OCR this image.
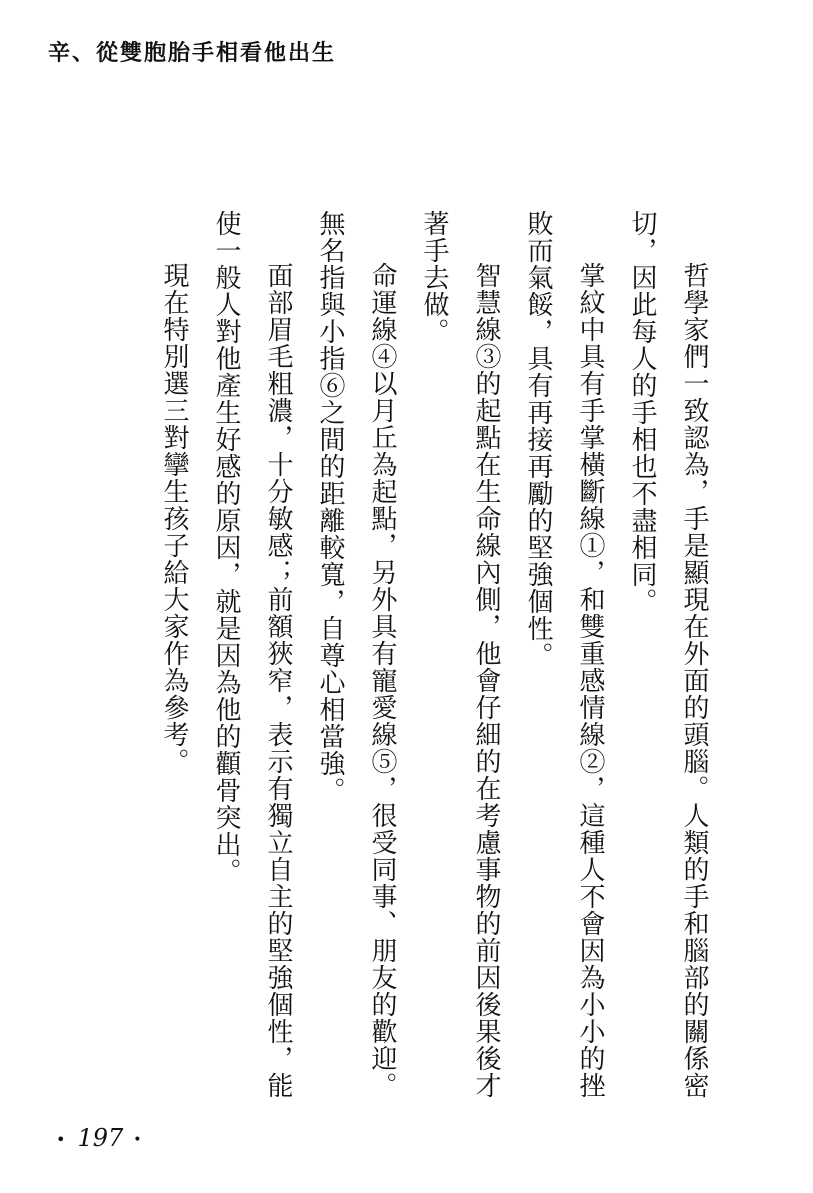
辛、從雙胞胎手相看他出生

哲學家們一致認為，手是顯現在外面的頭腦。人類的手和腦部的關係密切，因此每人的手相也不盡相同。

掌紋中具有手掌橫斷線①，和雙重感情線②，這種人不會因為小小的挫敗而氣餒，具有再接再勵的堅強個性。

智慧線③的起點在生命線內側，他會仔細的在考慮事物的前因後果後才著手去做。

命運線④以月丘為起點，另外具有寵愛線⑤，很受同事、朋友的歡迎。無名指與小指⑥之間的距離較寬，自尊心相當強。

面部眉毛粗濃，十分敏感；前額狹窄，表示有獨立自主的堅強個性，能使一般人對他產生好感的原因，就是因為他的顴骨突出。

現在特別選三對攣生孩子給大家作為參考。

• 197 •
